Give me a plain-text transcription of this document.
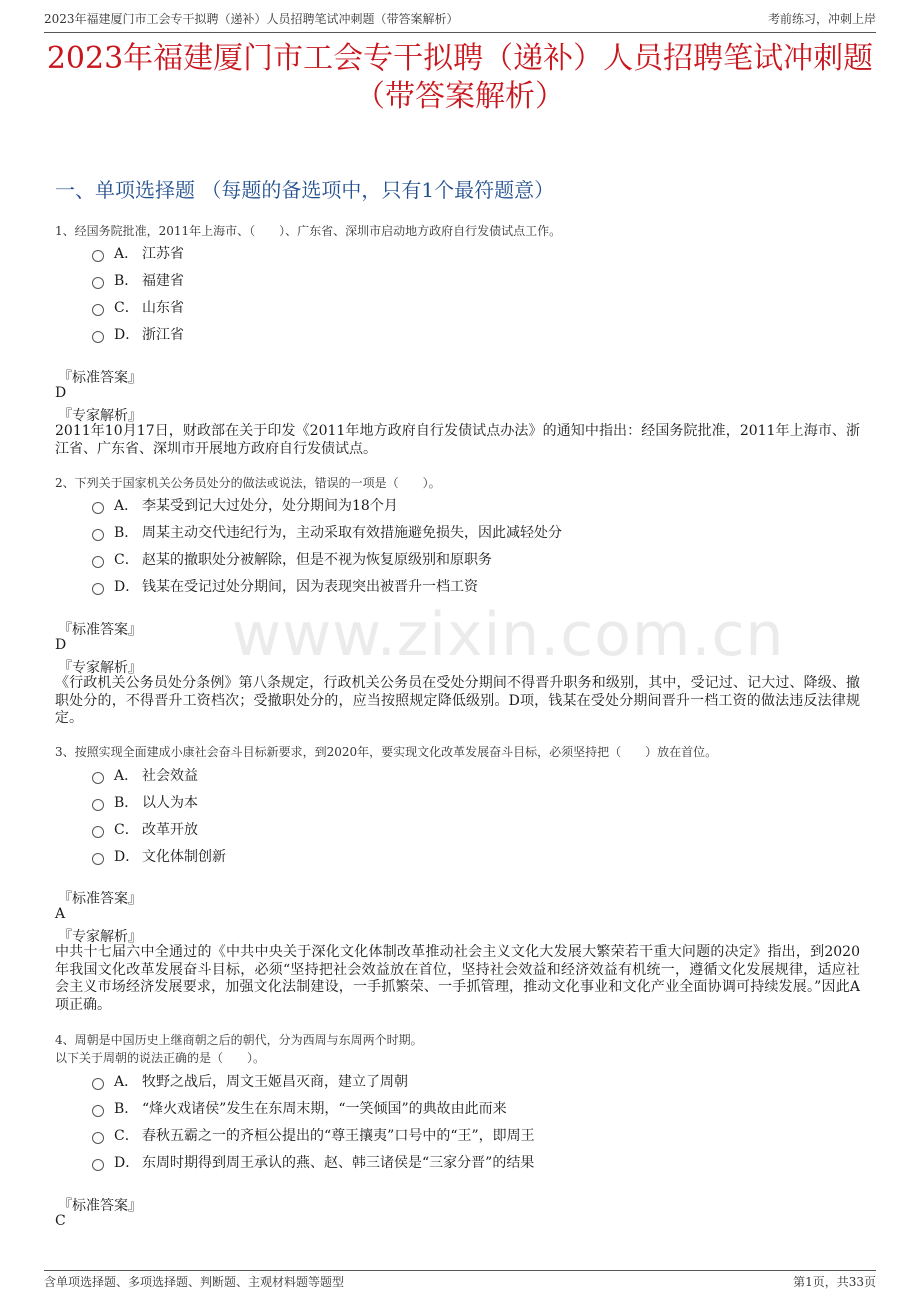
2023年福建厦门市工会专干拟聘（递补）人员招聘笔试冲刺题（带答案解析）	考前练习，冲刺上岸
www.zixin.com.cn
2023年福建厦门市工会专干拟聘（递补）人员招聘笔试冲刺题
（带答案解析）
一、单项选择题 （每题的备选项中，只有1个最符题意）
1、经国务院批准，2011年上海市、（　　）、广东省、深圳市启动地方政府自行发债试点工作。
A． 江苏省
B． 福建省
C． 山东省
D． 浙江省
『标准答案』
D
『专家解析』

2011年10月17日，财政部在关于印发《2011年地方政府自行发债试点办法》的通知中指出：经国务院批准，2011年上海市、浙江省、广东省、深圳市开展地方政府自行发债试点。

2、下列关于国家机关公务员处分的做法或说法，错误的一项是（　　）。
A． 李某受到记大过处分，处分期间为18个月
B． 周某主动交代违纪行为，主动采取有效措施避免损失，因此减轻处分
C． 赵某的撤职处分被解除，但是不视为恢复原级别和原职务
D． 钱某在受记过处分期间，因为表现突出被晋升一档工资
『标准答案』
D
『专家解析』

《行政机关公务员处分条例》第八条规定，行政机关公务员在受处分期间不得晋升职务和级别，其中，受记过、记大过、降级、撤职处分的，不得晋升工资档次；受撤职处分的，应当按照规定降低级别。D项，钱某在受处分期间晋升一档工资的做法违反法律规定。

3、按照实现全面建成小康社会奋斗目标新要求，到2020年，要实现文化改革发展奋斗目标，必须坚持把（　　）放在首位。
A． 社会效益
B． 以人为本
C． 改革开放
D． 文化体制创新
『标准答案』
A
『专家解析』

中共十七届六中全通过的《中共中央关于深化文化体制改革推动社会主义文化大发展大繁荣若干重大问题的决定》指出，到2020年我国文化改革发展奋斗目标，必须“坚持把社会效益放在首位，坚持社会效益和经济效益有机统一，遵循文化发展规律，适应社会主义市场经济发展要求，加强文化法制建设，一手抓繁荣、一手抓管理，推动文化事业和文化产业全面协调可持续发展。”因此A项正确。

4、周朝是中国历史上继商朝之后的朝代，分为西周与东周两个时期。
以下关于周朝的说法正确的是（　　）。
A． 牧野之战后，周文王姬昌灭商，建立了周朝
B． “烽火戏诸侯”发生在东周末期，“一笑倾国”的典故由此而来
C． 春秋五霸之一的齐桓公提出的“尊王攘夷”口号中的“王”，即周王
D． 东周时期得到周王承认的燕、赵、韩三诸侯是“三家分晋”的结果
『标准答案』
C
含单项选择题、多项选择题、判断题、主观材料题等题型	第1页，共33页
